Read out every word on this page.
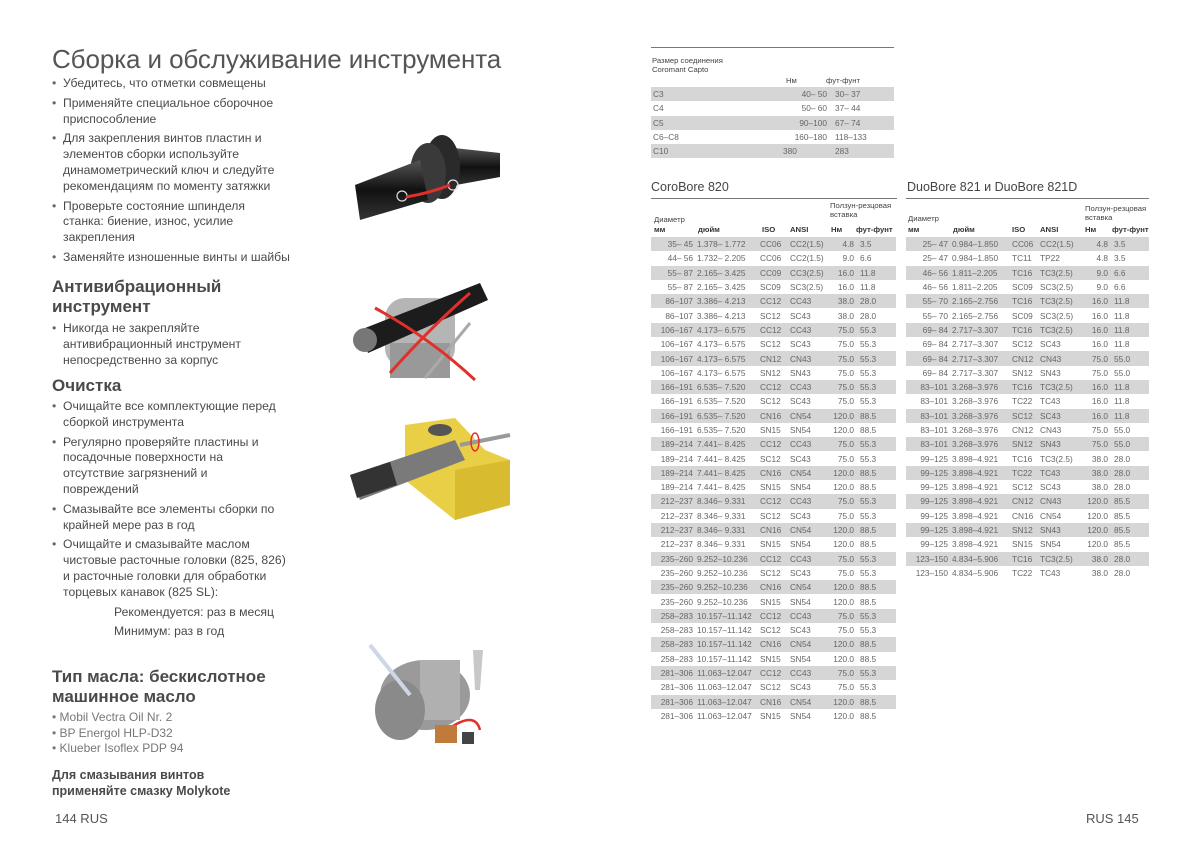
Сборка и обслуживание инструмента
• Убедитесь, что отметки совмещены
• Применяйте специальное сборочное приспособление
• Для закрепления винтов пластин и элементов сборки используйте динамометрический ключ и следуйте рекомендациям по моменту затяжки
• Проверьте состояние шпинделя станка: биение, износ, усилие закрепления
• Заменяйте изношенные винты и шайбы
Антивибрационный инструмент
• Никогда не закрепляйте антивибрационный инструмент непосредственно за корпус
Очистка
• Очищайте все комплектующие перед сборкой инструмента
• Регулярно проверяйте пластины и посадочные поверхности на отсутствие загрязнений и повреждений
• Смазывайте все элементы сборки по крайней мере раз в год
• Очищайте и смазывайте маслом чистовые расточные головки (825, 826) и расточные головки для обработки торцевых канавок (825 SL):
Рекомендуется: раз в месяц
Минимум: раз в год
Тип масла: бескислотное машинное масло
• Mobil Vectra Oil Nr. 2
• BP Energol HLP-D32
• Klueber Isoflex PDP 94
Для смазывания винтов применяйте смазку Molykote
144 RUS
Размер соединения
Coromant Capto
Нм	фут-фунт
C3	40– 50	30– 37
C4	50– 60	37– 44
C5	90–100	67– 74
C6–C8	160–180	118–133
C10	380	283
CoroBore 820
Ползун-резцовая вставка
Диаметр
мм	дюйм	ISO ANSI	Нм фут-фунт
35– 45	1.378– 1.772	CC06	CC2(1.5)	4.8	3.5
44– 56	1.732– 2.205	CC06	CC2(1.5)	9.0	6.6
55– 87	2.165– 3.425	CC09	CC3(2.5)	16.0	11.8
55– 87	2.165– 3.425	SC09	SC3(2.5)	16.0	11.8
86–107	3.386– 4.213	CC12	CC43	38.0	28.0
86–107	3.386– 4.213	SC12	SC43	38.0	28.0
106–167	4.173– 6.575	CC12	CC43	75.0	55.3
106–167	4.173– 6.575	SC12	SC43	75.0	55.3
106–167	4.173– 6.575	CN12	CN43	75.0	55.3
106–167	4.173– 6.575	SN12	SN43	75.0	55.3
166–191	6.535– 7.520	CC12	CC43	75.0	55.3
166–191	6.535– 7.520	SC12	SC43	75.0	55.3
166–191	6.535– 7.520	CN16	CN54	120.0	88.5
166–191	6.535– 7.520	SN15	SN54	120.0	88.5
189–214	7.441– 8.425	CC12	CC43	75.0	55.3
189–214	7.441– 8.425	SC12	SC43	75.0	55.3
189–214	7.441– 8.425	CN16	CN54	120.0	88.5
189–214	7.441– 8.425	SN15	SN54	120.0	88.5
212–237	8.346– 9.331	CC12	CC43	75.0	55.3
212–237	8.346– 9.331	SC12	SC43	75.0	55.3
212–237	8.346– 9.331	CN16	CN54	120.0	88.5
212–237	8.346– 9.331	SN15	SN54	120.0	88.5
235–260	9.252–10.236	CC12	CC43	75.0	55.3
235–260	9.252–10.236	SC12	SC43	75.0	55.3
235–260	9.252–10.236	CN16	CN54	120.0	88.5
235–260	9.252–10.236	SN15	SN54	120.0	88.5
258–283	10.157–11.142	CC12	CC43	75.0	55.3
258–283	10.157–11.142	SC12	SC43	75.0	55.3
258–283	10.157–11.142	CN16	CN54	120.0	88.5
258–283	10.157–11.142	SN15	SN54	120.0	88.5
281–306	11.063–12.047	CC12	CC43	75.0	55.3
281–306	11.063–12.047	SC12	SC43	75.0	55.3
281–306	11.063–12.047	CN16	CN54	120.0	88.5
281–306	11.063–12.047	SN15	SN54	120.0	88.5
DuoBore 821 и DuoBore 821D
Ползун-резцовая вставка
Диаметр
мм	дюйм	ISO ANSI	Нм фут-фунт
25– 47	0.984–1.850	CC06	CC2(1.5)	4.8	3.5
25– 47	0.984–1.850	TC11	TP22	4.8	3.5
46– 56	1.811–2.205	TC16	TC3(2.5)	9.0	6.6
46– 56	1.811–2.205	SC09	SC3(2.5)	9.0	6.6
55– 70	2.165–2.756	TC16	TC3(2.5)	16.0	11.8
55– 70	2.165–2.756	SC09	SC3(2.5)	16.0	11.8
69– 84	2.717–3.307	TC16	TC3(2.5)	16.0	11.8
69– 84	2.717–3.307	SC12	SC43	16.0	11.8
69– 84	2.717–3.307	CN12	CN43	75.0	55.0
69– 84	2.717–3.307	SN12	SN43	75.0	55.0
83–101	3.268–3.976	TC16	TC3(2.5)	16.0	11.8
83–101	3.268–3.976	TC22	TC43	16.0	11.8
83–101	3.268–3.976	SC12	SC43	16.0	11.8
83–101	3.268–3.976	CN12	CN43	75.0	55.0
83–101	3.268–3.976	SN12	SN43	75.0	55.0
99–125	3.898–4.921	TC16	TC3(2.5)	38.0	28.0
99–125	3.898–4.921	TC22	TC43	38.0	28.0
99–125	3.898–4.921	SC12	SC43	38.0	28.0
99–125	3.898–4.921	CN12	CN43	120.0	85.5
99–125	3.898–4.921	CN16	CN54	120.0	85.5
99–125	3.898–4.921	SN12	SN43	120.0	85.5
99–125	3.898–4.921	SN15	SN54	120.0	85.5
123–150	4.834–5.906	TC16	TC3(2.5)	38.0	28.0
123–150	4.834–5.906	TC22	TC43	38.0	28.0
RUS 145
